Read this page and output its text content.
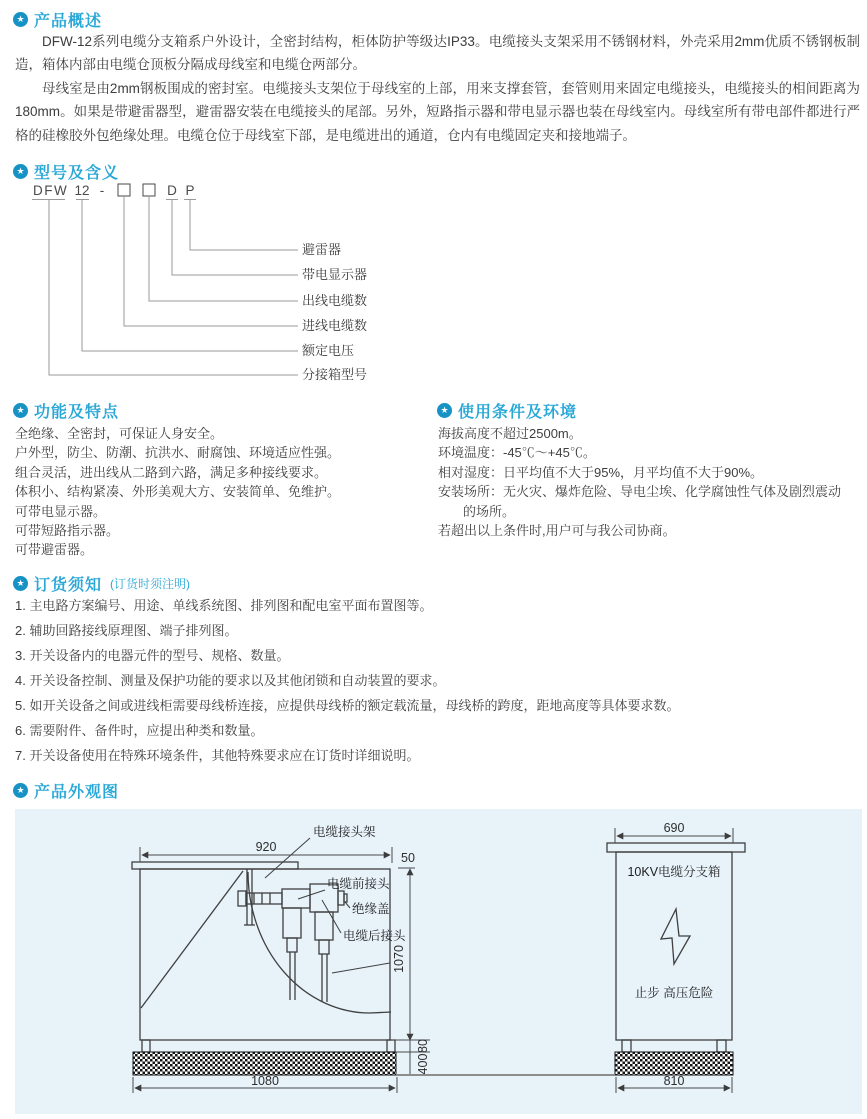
★ 产品概述

DFW-12系列电缆分支箱系户外设计，全密封结构，柜体防护等级达IP33。电缆接头支架采用不锈钢材料，外壳采用2mm优质不锈钢板制造，箱体内部由电缆仓顶板分隔成母线室和电缆仓两部分。

母线室是由2mm钢板围成的密封室。电缆接头支架位于母线室的上部，用来支撑套管，套管则用来固定电缆接头，电缆接头的相间距离为180mm。如果是带避雷器型，避雷器安装在电缆接头的尾部。另外，短路指示器和带电显示器也装在母线室内。母线室所有带电部件都进行严格的硅橡胶外包绝缘处理。电缆仓位于母线室下部，是电缆进出的通道，仓内有电缆固定夹和接地端子。

★ 型号及含义
DFW 12 -	D P
避雷器
带电显示器
出线电缆数
进线电缆数
额定电压
分接箱型号
★ 功能及特点
全绝缘、全密封，可保证人身安全。
户外型，防尘、防潮、抗洪水、耐腐蚀、环境适应性强。
组合灵活，进出线从二路到六路，满足多种接线要求。
体积小、结构紧凑、外形美观大方、安装简单、免维护。
可带电显示器。
可带短路指示器。
可带避雷器。
★ 使用条件及环境
海拔高度不超过2500m。
环境温度：-45℃～+45℃。
相对湿度：日平均值不大于95%，月平均值不大于90%。
安装场所：无火灾、爆炸危险、导电尘埃、化学腐蚀性气体及剧烈震动
的场所。
若超出以上条件时,用户可与我公司协商。
★ 订货须知 (订货时须注明)
1. 主电路方案编号、用途、单线系统图、排列图和配电室平面布置图等。
2. 辅助回路接线原理图、端子排列图。
3. 开关设备内的电器元件的型号、规格、数量。
4. 开关设备控制、测量及保护功能的要求以及其他闭锁和自动装置的要求。
5. 如开关设备之间或进线柜需要母线桥连接，应提供母线桥的额定载流量，母线桥的跨度，距地高度等具体要求数。
6. 需要附件、备件时，应提出种类和数量。
7. 开关设备使用在特殊环境条件，其他特殊要求应在订货时详细说明。
★ 产品外观图
电缆接头架
电缆前接头
绝缘盖
电缆后接头
920
50
1070
80
400
1080
10KV电缆分支箱
止步 高压危险
690
810
